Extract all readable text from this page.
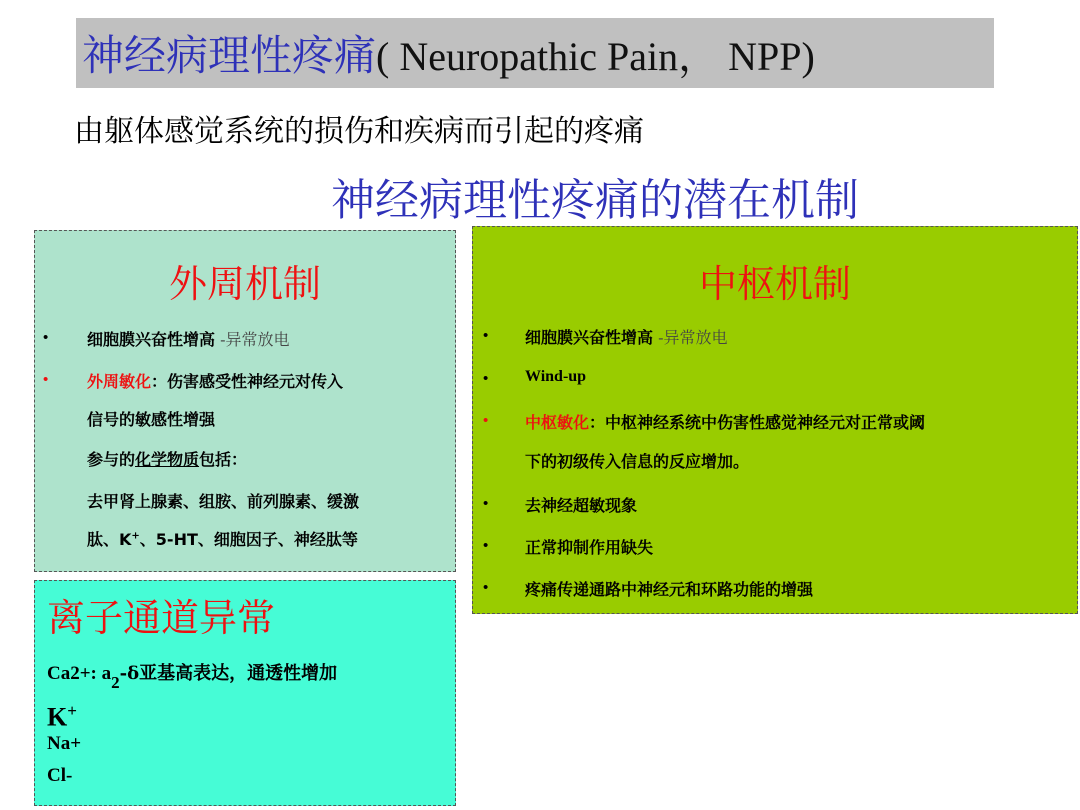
神经病理性疼痛 ( Neuropathic Pain， NPP)
由躯体感觉系统的损伤和疾病而引起的疼痛
神经病理性疼痛的潜在机制
外周机制
• 细胞膜兴奋性增高 -异常放电
• 外周敏化：伤害感受性神经元对传入
信号的敏感性增强
参与的化学物质包括：
去甲肾上腺素、组胺、前列腺素、缓激
肽、K+、5-HT、细胞因子、神经肽等
中枢机制
• 细胞膜兴奋性增高 -异常放电
• Wind-up
• 中枢敏化：中枢神经系统中伤害性感觉神经元对正常或阈
下的初级传入信息的反应增加。
• 去神经超敏现象
• 正常抑制作用缺失
• 疼痛传递通路中神经元和环路功能的增强
离子通道异常
Ca2+: $a_2-\delta$亚基高表达，通透性增加
K+
Na+
Cl-
